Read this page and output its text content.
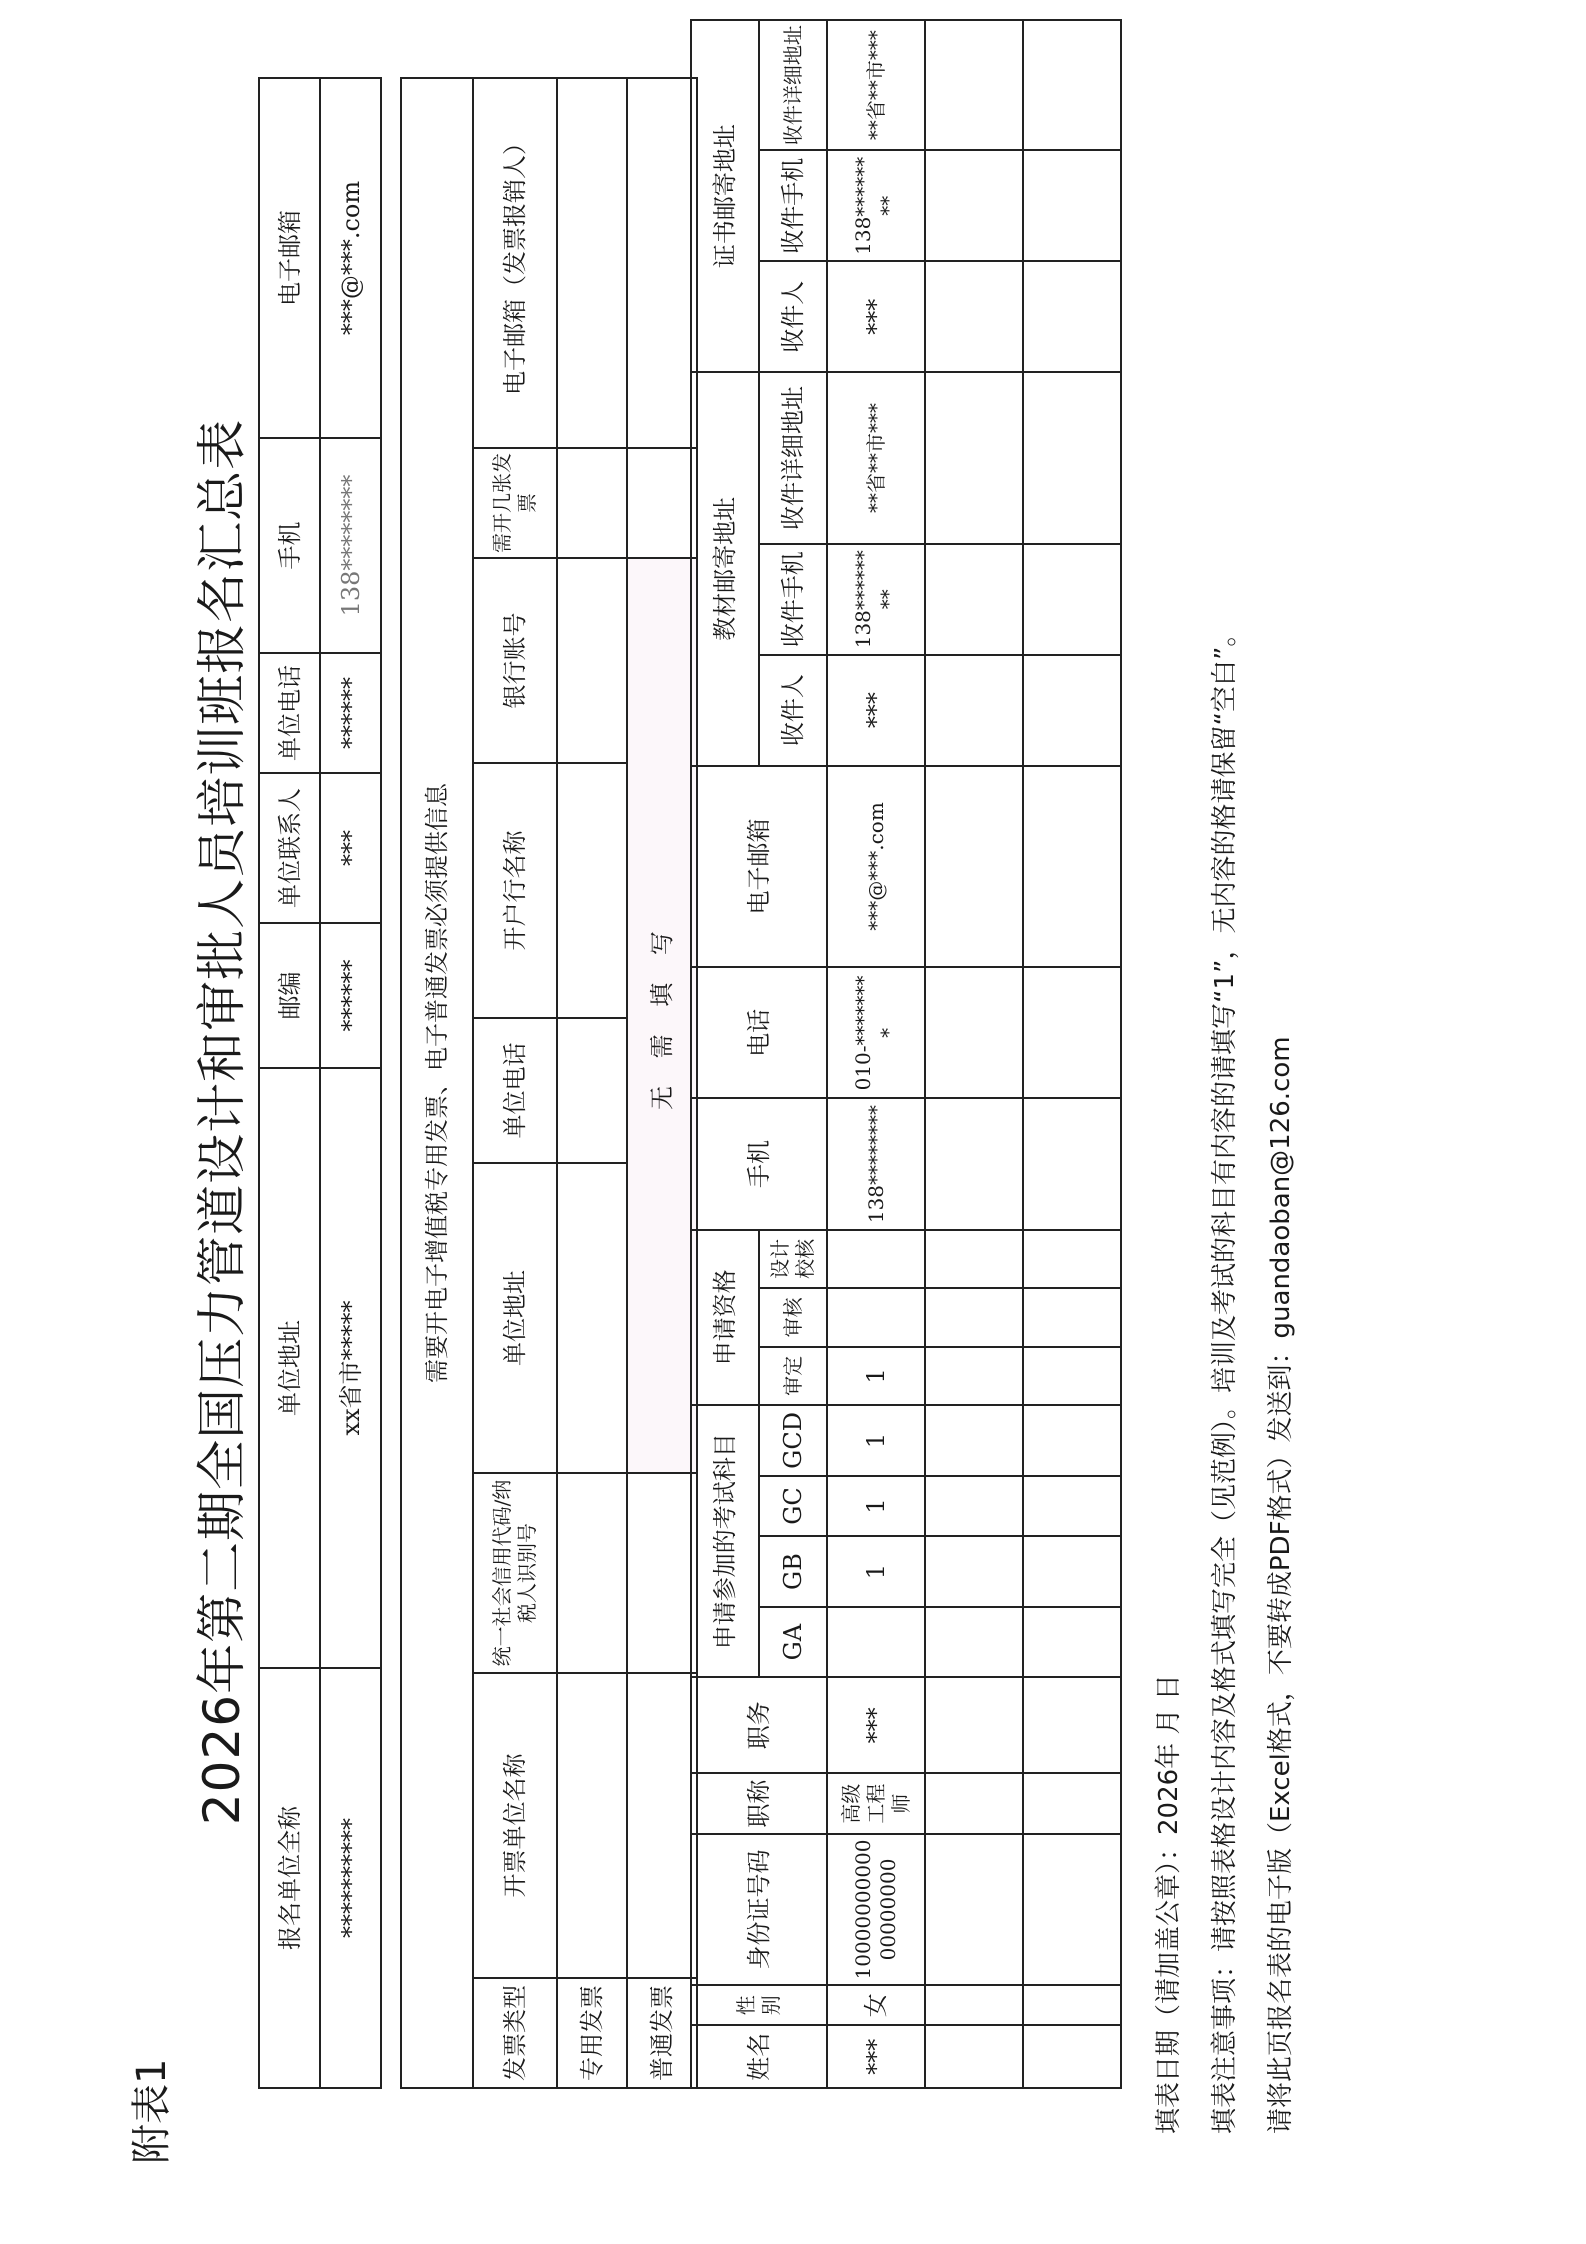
附表1
2026年第二期全国压力管道设计和审批人员培训班报名汇总表
报名单位全称	单位地址	邮编	单位联系人	单位电话	手机	电子邮箱
**********	xx省市*****	******	***	******	138********	***@***.com
需要开电子增值税专用发票、电子普通发票必须提供信息								
发票类型	开票单位名称	统一社会信用代码/纳税人识别号	单位地址	单位电话	开户行名称	银行账号	需开几张发票	电子邮箱（发票报销人）
专用发票								
普通发票			无 需 填 写					
姓名	性别	身份证号码	职称	职务	申请参加的考试科目				申请资格			手机	电话	电子邮箱	教材邮寄地址			证书邮寄地址		
					GA	GB	GC	GCD	审定	审核	设计校核				收件人	收件手机	收件详细地址	收件人	收件手机	收件详细地址
***	女	1000000000000000000	高级工程师	***		1	1	1	1			138********	010-********	***@***.com	***	138********	**省**市***	***	138********	**省**市***

填表日期（请加盖公章）：2026年 月 日 填表注意事项：请按照表格设计内容及格式填写完全（见范例）。培训及考试的科目有内容的请填写“1”，无内容的格请保留“空白”。 请将此页报名表的电子版（Excel格式，不要转成PDF格式）发送到：guandaoban@126.com
